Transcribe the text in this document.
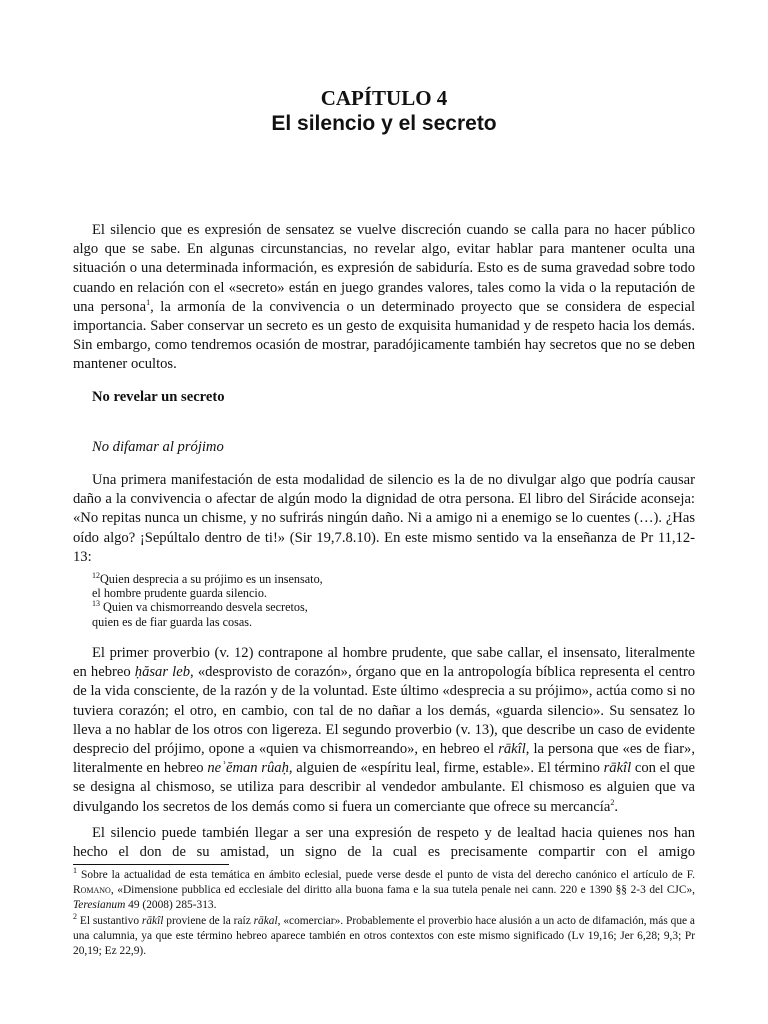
CAPÍTULO 4
El silencio y el secreto

El silencio que es expresión de sensatez se vuelve discreción cuando se calla para no hacer público algo que se sabe. En algunas circunstancias, no revelar algo, evitar hablar para mantener oculta una situación o una determinada información, es expresión de sabiduría. Esto es de suma gravedad sobre todo cuando en relación con el «secreto» están en juego grandes valores, tales como la vida o la reputación de una persona$^1$, la armonía de la convivencia o un determinado proyecto que se considera de especial importancia. Saber conservar un secreto es un gesto de exquisita humanidad y de respeto hacia los demás. Sin embargo, como tendremos ocasión de mostrar, paradójicamente también hay secretos que no se deben mantener ocultos.

No revelar un secreto

No difamar al prójimo

Una primera manifestación de esta modalidad de silencio es la de no divulgar algo que podría causar daño a la convivencia o afectar de algún modo la dignidad de otra persona. El libro del Sirácide aconseja: «No repitas nunca un chisme, y no sufrirás ningún daño. Ni a amigo ni a enemigo se lo cuentes (…). ¿Has oído algo? ¡Sepúltalo dentro de ti!» (Sir 19,7.8.10). En este mismo sentido va la enseñanza de Pr 11,12-13:

$^{12}$Quien desprecia a su prójimo es un insensato,
el hombre prudente guarda silencio.
$^{13}$ Quien va chismorreando desvela secretos,
quien es de fiar guarda las cosas.

El primer proverbio (v. 12) contrapone al hombre prudente, que sabe callar, el insensato, literalmente en hebreo ḥăsar leb, «desprovisto de corazón», órgano que en la antropología bíblica representa el centro de la vida consciente, de la razón y de la voluntad. Este último «desprecia a su prójimo», actúa como si no tuviera corazón; el otro, en cambio, con tal de no dañar a los demás, «guarda silencio». Su sensatez lo lleva a no hablar de los otros con ligereza. El segundo proverbio (v. 13), que describe un caso de evidente desprecio del prójimo, opone a «quien va chismorreando», en hebreo el rākîl, la persona que «es de fiar», literalmente en hebreo neʾĕman rûaḥ, alguien de «espíritu leal, firme, estable». El término rākîl con el que se designa al chismoso, se utiliza para describir al vendedor ambulante. El chismoso es alguien que va divulgando los secretos de los demás como si fuera un comerciante que ofrece su mercancía$^2$.

El silencio puede también llegar a ser una expresión de respeto y de lealtad hacia quienes nos han hecho el don de su amistad, un signo de la cual es precisamente compartir con el amigo

$^1$ Sobre la actualidad de esta temática en ámbito eclesial, puede verse desde el punto de vista del derecho canónico el artículo de F. Romano, «Dimensione pubblica ed ecclesiale del diritto alla buona fama e la sua tutela penale nei cann. 220 e 1390 §§ 2-3 del CJC», Teresianum 49 (2008) 285-313.
$^2$ El sustantivo rākîl proviene de la raíz rākal, «comerciar». Probablemente el proverbio hace alusión a un acto de difamación, más que a una calumnia, ya que este término hebreo aparece también en otros contextos con este mismo significado (Lv 19,16; Jer 6,28; 9,3; Pr 20,19; Ez 22,9).
